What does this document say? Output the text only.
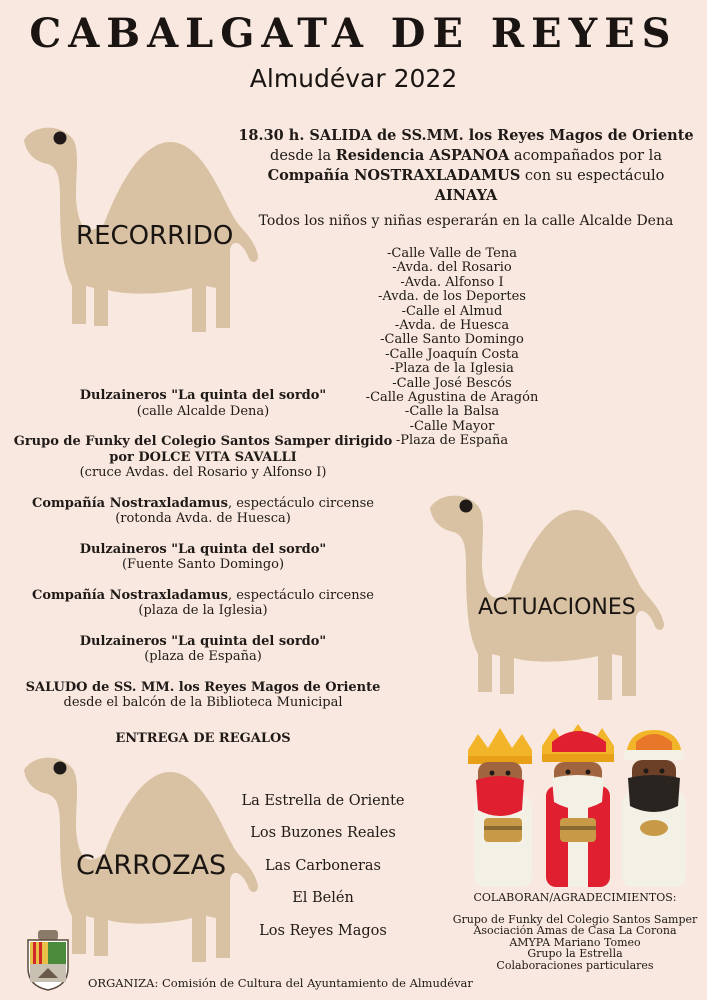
CABALGATA DE REYES
Almudévar 2022
RECORRIDO
ACTUACIONES
CARROZAS
18.30 h. SALIDA de SS.MM. los Reyes Magos de Oriente
desde la Residencia ASPANOA acompañados por la
Compañía NOSTRAXLADAMUS con su espectáculo
AINAYA
Todos los niños y niñas esperarán en la calle Alcalde Dena
-Calle Valle de Tena
-Avda. del Rosario
-Avda. Alfonso I
-Avda. de los Deportes
-Calle el Almud
-Avda. de Huesca
-Calle Santo Domingo
-Calle Joaquín Costa
-Plaza de la Iglesia
-Calle José Bescós
-Calle Agustina de Aragón
-Calle la Balsa
-Calle Mayor
-Plaza de España
Dulzaineros "La quinta del sordo"
(calle Alcalde Dena)
Grupo de Funky del Colegio Santos Samper dirigido por DOLCE VITA SAVALLI
(cruce Avdas. del Rosario y Alfonso I)
Compañía Nostraxladamus, espectáculo circense
(rotonda Avda. de Huesca)
Dulzaineros "La quinta del sordo"
(Fuente Santo Domingo)
Compañía Nostraxladamus, espectáculo circense
(plaza de la Iglesia)
Dulzaineros "La quinta del sordo"
(plaza de España)
SALUDO de SS. MM. los Reyes Magos de Oriente
desde el balcón de la Biblioteca Municipal
ENTREGA DE REGALOS
La Estrella de Oriente
Los Buzones Reales
Las Carboneras
El Belén
Los Reyes Magos
COLABORAN/AGRADECIMIENTOS:
Grupo de Funky del Colegio Santos Samper
Asociación Amas de Casa La Corona
AMYPA Mariano Tomeo
Grupo la Estrella
Colaboraciones particulares
ORGANIZA: Comisión de Cultura del Ayuntamiento de Almudévar
